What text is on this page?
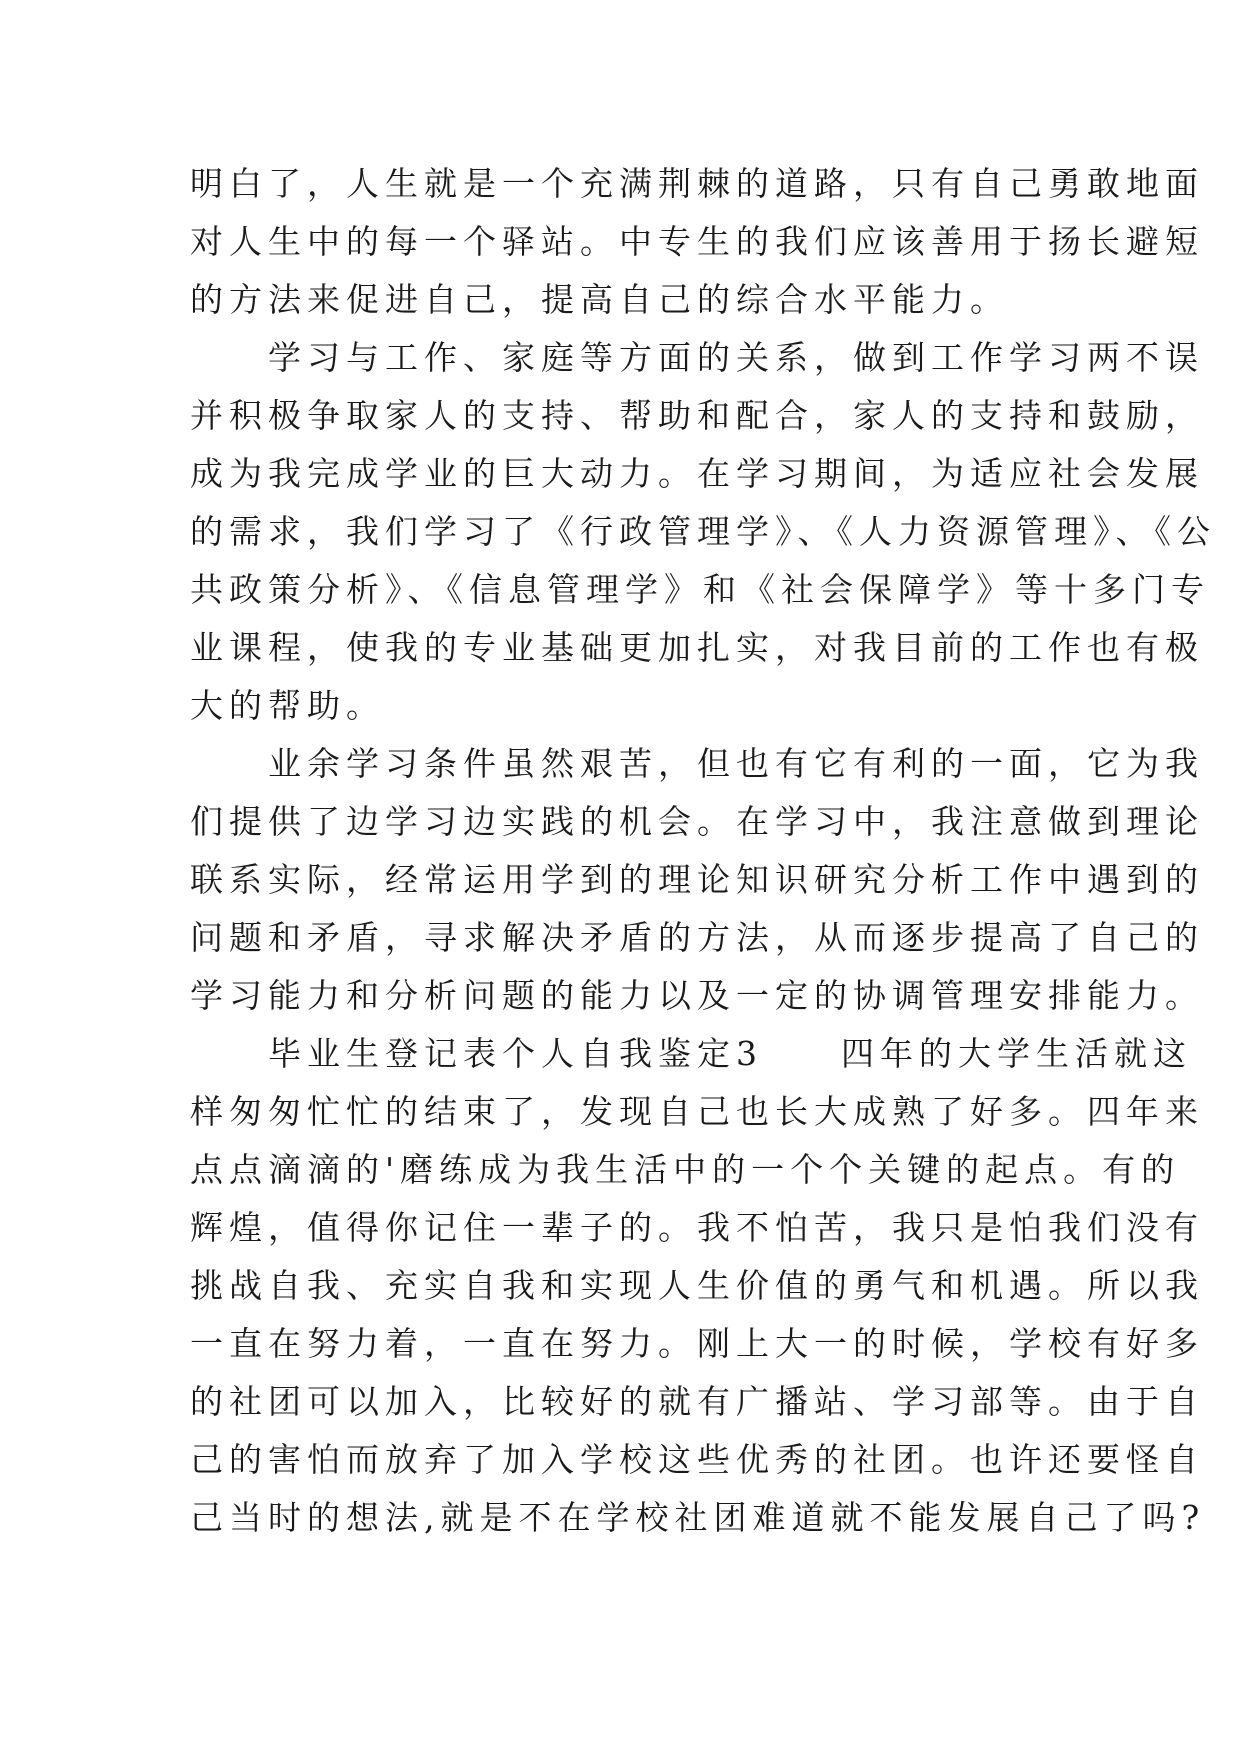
明白了，人生就是一个充满荆棘的道路，只有自己勇敢地面
对人生中的每一个驿站。中专生的我们应该善用于扬长避短
的方法来促进自己，提高自己的综合水平能力。
学习与工作、家庭等方面的关系，做到工作学习两不误
并积极争取家人的支持、帮助和配合，家人的支持和鼓励，
成为我完成学业的巨大动力。在学习期间，为适应社会发展
的需求，我们学习了《行政管理学》、《人力资源管理》、《公
共政策分析》、《信息管理学》和《社会保障学》等十多门专
业课程，使我的专业基础更加扎实，对我目前的工作也有极
大的帮助。
业余学习条件虽然艰苦，但也有它有利的一面，它为我
们提供了边学习边实践的机会。在学习中，我注意做到理论
联系实际，经常运用学到的理论知识研究分析工作中遇到的
问题和矛盾，寻求解决矛盾的方法，从而逐步提高了自己的
学习能力和分析问题的能力以及一定的协调管理安排能力。
毕业生登记表个人自我鉴定3　　四年的大学生活就这
样匆匆忙忙的结束了，发现自己也长大成熟了好多。四年来
点点滴滴的'磨练成为我生活中的一个个关键的起点。有的
辉煌，值得你记住一辈子的。我不怕苦，我只是怕我们没有
挑战自我、充实自我和实现人生价值的勇气和机遇。所以我
一直在努力着，一直在努力。刚上大一的时候，学校有好多
的社团可以加入，比较好的就有广播站、学习部等。由于自
己的害怕而放弃了加入学校这些优秀的社团。也许还要怪自
己当时的想法,就是不在学校社团难道就不能发展自己了吗?
